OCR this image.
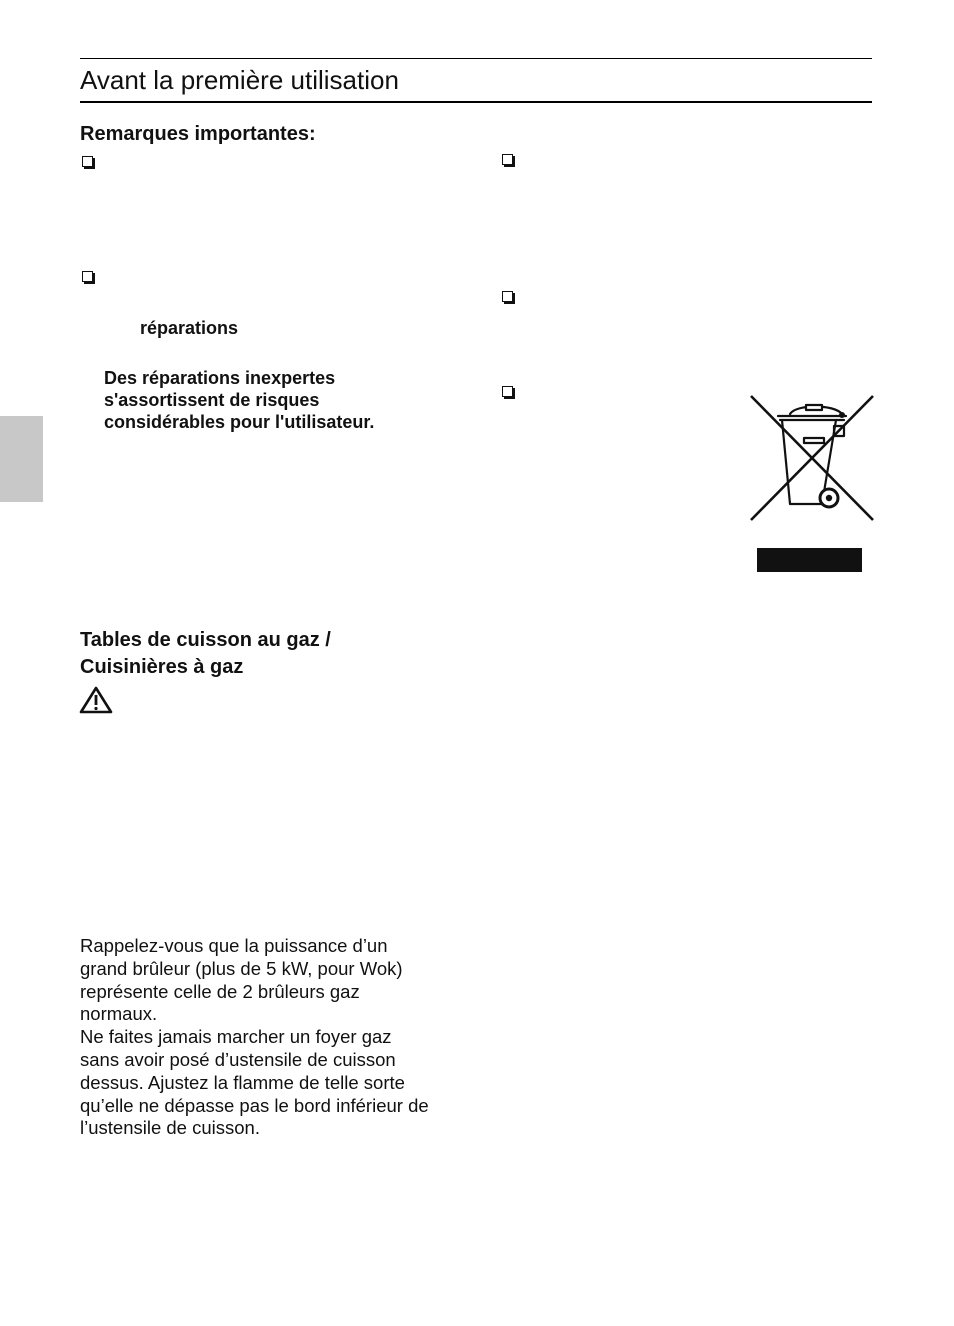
Avant la première utilisation
Remarques importantes:
réparations
Des réparations inexpertes
s'assortissent de risques
considérables pour l'utilisateur.
Tables de cuisson au gaz /
Cuisinières à gaz
Rappelez-vous que la puissance d’un
grand brûleur (plus de 5 kW, pour Wok)
représente celle de 2 brûleurs gaz
normaux.
Ne faites jamais marcher un foyer gaz
sans avoir posé d’ustensile de cuisson
dessus. Ajustez la flamme de telle sorte
qu’elle ne dépasse pas le bord inférieur de
l’ustensile de cuisson.
